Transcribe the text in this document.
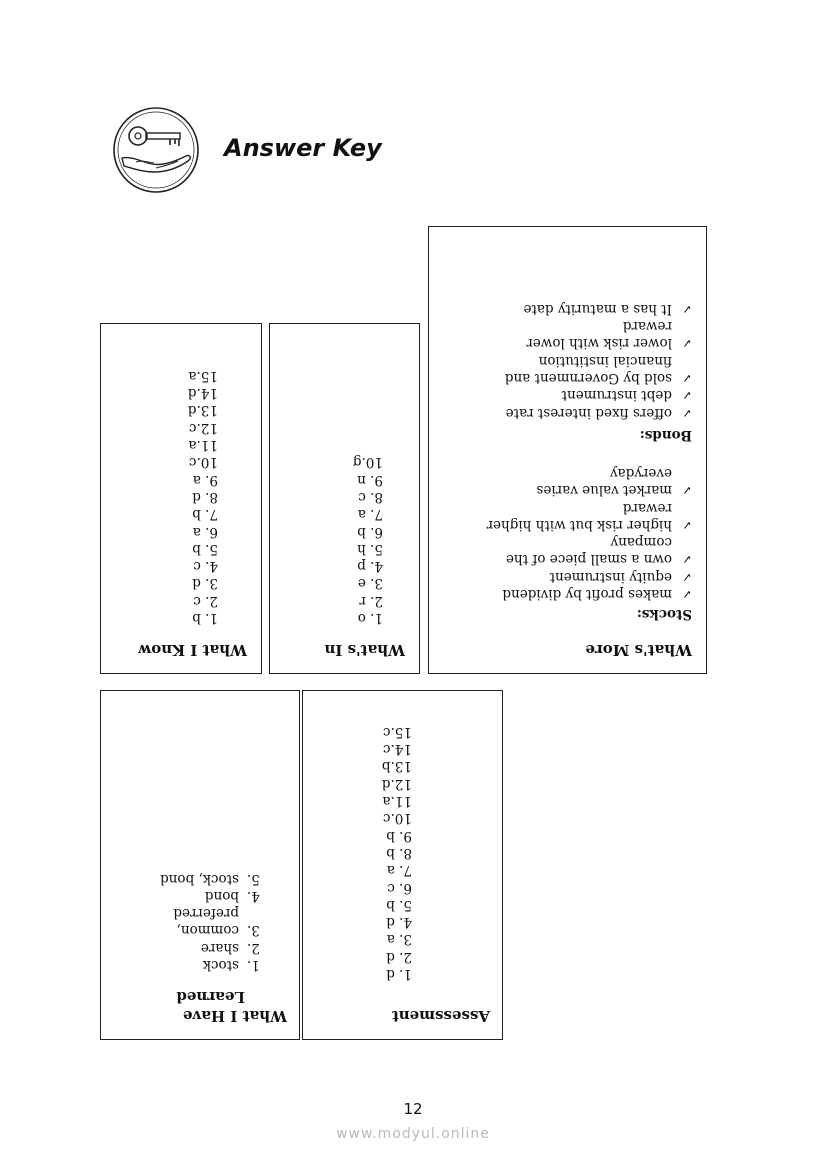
Answer Key
What's More
Stocks:
✓
makes profit by dividend
✓
equity instrument
✓
own a small piece of the company
✓
higher risk but with higher reward
✓
market value varies everyday
Bonds:
✓
offers fixed interest rate
✓
debt instrument
✓
sold by Government and financial institution
✓
lower risk with lower reward
✓
It has a maturity date
What's In
1. o
2. r
3. e
4. p
5. h
6. b
7. a
8. c
9. n
10.g
What I Know
1. b
2. c
3. d
4. c
5. b
6. a
7. b
8. d
9. a
10.c
11.a
12.c
13.d
14.d
15.a
Assessment
1. d
2. d
3. a
4. d
5. b
6. c
7. a
8. b
9. b
10.c
11.a
12.d
13.b
14.c
15.c
What I Have
Learned
1.
stock
2.
share
3.
common,
preferred
4.
bond
5.
stock, bond
12
www.modyul.online
